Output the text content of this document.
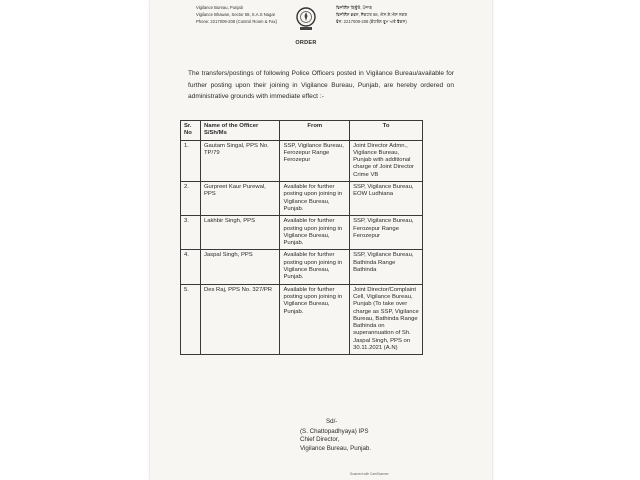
Vigilance Bureau, Punjab
Vigilance Bhawan, Sector 68, S.A.S Nagar
Phone: 2217009-208 (Control Room & Fax)
ਵਿਜੀਲੈਂਸ ਬਿਊਰੋ, ਪੰਜਾਬ
ਵਿਜੀਲੈਂਸ ਭਵਨ, ਸੈਕਟਰ 68, ਐਸ.ਏ.ਐਸ ਨਗਰ
ਫੋਨ: 2217009-208 (ਕੰਟਰੋਲ ਰੂਮ ਅਤੇ ਫੈਕਸ)
ORDER
The transfers/postings of following Police Officers posted in Vigilance Bureau/available for further posting upon their joining in Vigilance Bureau, Punjab, are hereby ordered on administrative grounds with immediate effect :-
Sr. No	Name of the Officer S/Sh/Ms	From	To
1.	Gautam Singal, PPS No. TP/79	SSP, Vigilance Bureau, Ferozepur Range Ferozepur	Joint Director Admn., Vigilance Bureau, Punjab with additional charge of Joint Director Crime VB
2.	Gurpreet Kaur Purewal, PPS	Available for further posting upon joining in Vigilance Bureau, Punjab.	SSP, Vigilance Bureau, EOW Ludhiana
3.	Lakhbir Singh, PPS	Available for further posting upon joining in Vigilance Bureau, Punjab.	SSP, Vigilance Bureau, Ferozepur Range Ferozepur
4.	Jaspal Singh, PPS	Available for further posting upon joining in Vigilance Bureau, Punjab.	SSP, Vigilance Bureau, Bathinda Range Bathinda
5.	Des Raj, PPS No. 327/PR	Available for further posting upon joining in Vigilance Bureau, Punjab.	Joint Director/Complaint Cell, Vigilance Bureau, Punjab (To take over charge as SSP, Vigilance Bureau, Bathinda Range Bathinda on superannuation of Sh. Jaspal Singh, PPS on 30.11.2021 (A.N)
Sd/-
(S. Chattopadhyaya) IPS
Chief Director,
Vigilance Bureau, Punjab.
Scanned with CamScanner
